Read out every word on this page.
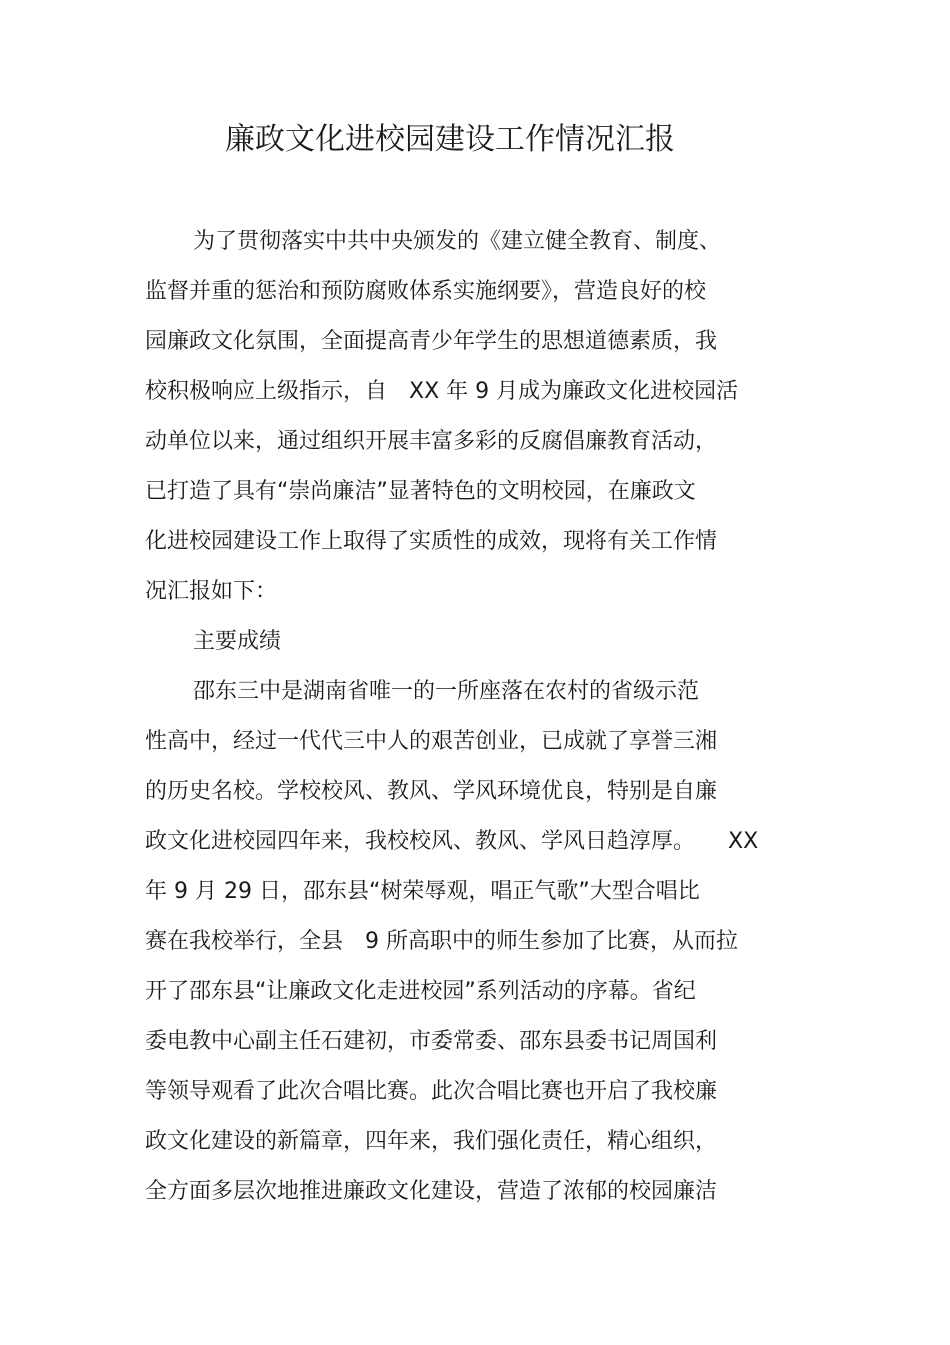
廉政文化进校园建设工作情况汇报
为了贯彻落实中共中央颁发的《建立健全教育、制度、
监督并重的惩治和预防腐败体系实施纲要》，营造良好的校
园廉政文化氛围，全面提高青少年学生的思想道德素质，我
校积极响应上级指示，自　XX 年 9 月成为廉政文化进校园活
动单位以来，通过组织开展丰富多彩的反腐倡廉教育活动，
已打造了具有“崇尚廉洁”显著特色的文明校园，在廉政文
化进校园建设工作上取得了实质性的成效，现将有关工作情
况汇报如下：
主要成绩
邵东三中是湖南省唯一的一所座落在农村的省级示范
性高中，经过一代代三中人的艰苦创业，已成就了享誉三湘
的历史名校。学校校风、教风、学风环境优良，特别是自廉
政文化进校园四年来，我校校风、教风、学风日趋淳厚。　　XX
年 9 月 29 日，邵东县“树荣辱观，唱正气歌”大型合唱比
赛在我校举行，全县　9 所高职中的师生参加了比赛，从而拉
开了邵东县“让廉政文化走进校园”系列活动的序幕。省纪
委电教中心副主任石建初，市委常委、邵东县委书记周国利
等领导观看了此次合唱比赛。此次合唱比赛也开启了我校廉
政文化建设的新篇章，四年来，我们强化责任，精心组织，
全方面多层次地推进廉政文化建设，营造了浓郁的校园廉洁
